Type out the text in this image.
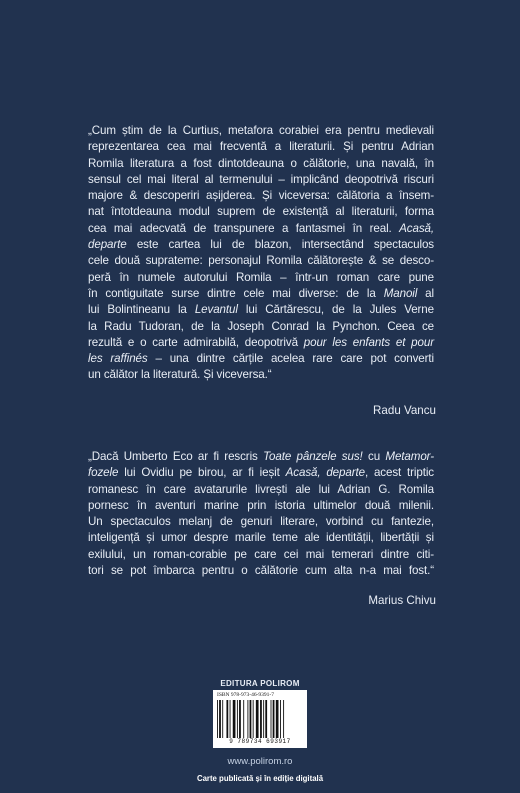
„Cum știm de la Curtius, metafora corabiei era pentru medievali
reprezentarea cea mai frecventă a literaturii. Și pentru Adrian
Romila literatura a fost dintotdeauna o călătorie, una navală, în
sensul cel mai literal al termenului – implicând deopotrivă riscuri
majore & descoperiri așijderea. Și viceversa: călătoria a însem-
nat întotdeauna modul suprem de existență al literaturii, forma
cea mai adecvată de transpunere a fantasmei în real. Acasă,
departe este cartea lui de blazon, intersectând spectaculos
cele două suprateme: personajul Romila călătorește & se desco-
peră în numele autorului Romila – într-un roman care pune
în contiguitate surse dintre cele mai diverse: de la Manoil al
lui Bolintineanu la Levantul lui Cărtărescu, de la Jules Verne
la Radu Tudoran, de la Joseph Conrad la Pynchon. Ceea ce
rezultă e o carte admirabilă, deopotrivă pour les enfants et pour
les raffinés – una dintre cărțile acelea rare care pot converti
un călător la literatură. Și viceversa.“
Radu Vancu
„Dacă Umberto Eco ar fi rescris Toate pânzele sus! cu Metamor-
fozele lui Ovidiu pe birou, ar fi ieșit Acasă, departe, acest triptic
romanesc în care avatarurile livrești ale lui Adrian G. Romila
pornesc în aventuri marine prin istoria ultimelor două milenii.
Un spectaculos melanj de genuri literare, vorbind cu fantezie,
inteligență și umor despre marile teme ale identității, libertății și
exilului, un roman-corabie pe care cei mai temerari dintre citi-
tori se pot îmbarca pentru o călătorie cum alta n-a mai fost.“
Marius Chivu
EDITURA POLIROM
ISBN 978-973-46-9391-7
9 789734 693917
www.polirom.ro
Carte publicată și în ediție digitală
